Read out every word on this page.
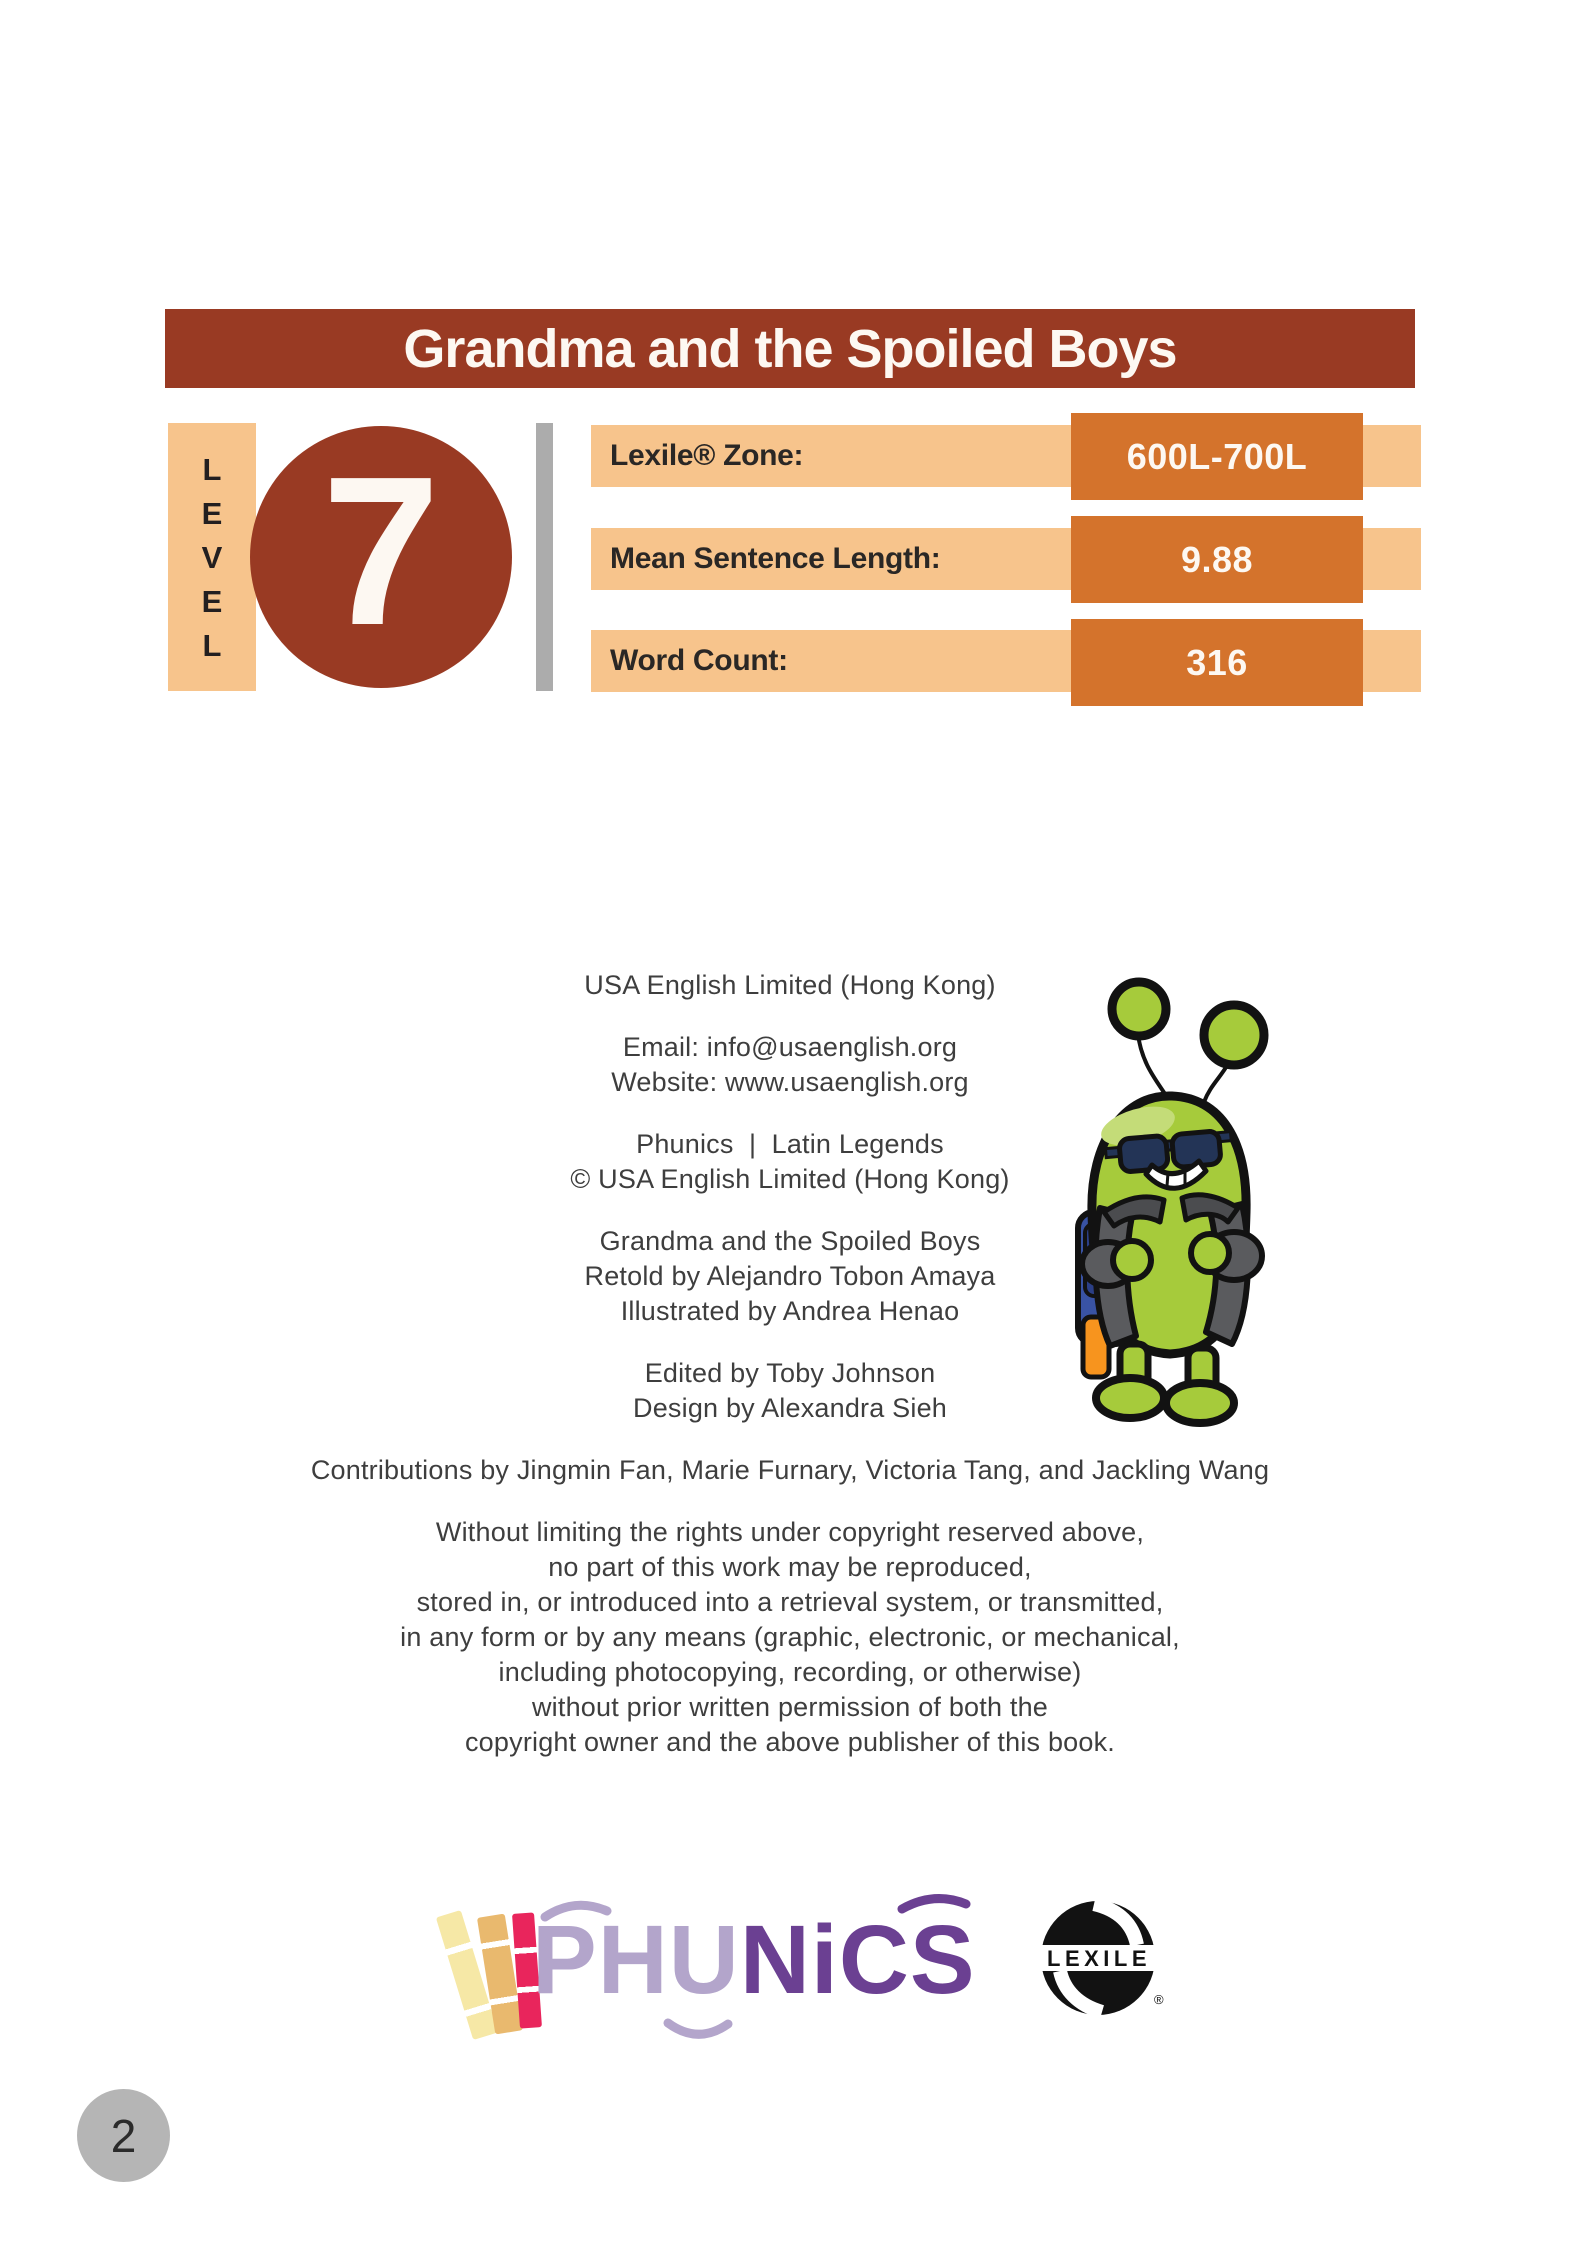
Grandma and the Spoiled Boys
L
E
V
E
L 7	Lexile® Zone:
Mean Sentence Length:
Word Count:
600L-700L
9.88
316

USA English Limited (Hong Kong)

Email: info@usaenglish.org
Website: www.usaenglish.org

Phunics  |  Latin Legends
© USA English Limited (Hong Kong)

Grandma and the Spoiled Boys
Retold by Alejandro Tobon Amaya
Illustrated by Andrea Henao

Edited by Toby Johnson
Design by Alexandra Sieh

Contributions by Jingmin Fan, Marie Furnary, Victoria Tang, and Jackling Wang

Without limiting the rights under copyright reserved above,
no part of this work may be reproduced,
stored in, or introduced into a retrieval system, or transmitted,
in any form or by any means (graphic, electronic, or mechanical,
including photocopying, recording, or otherwise)
without prior written permission of both the
copyright owner and the above publisher of this book.

PHUNiCS	LEXILE
®
2
